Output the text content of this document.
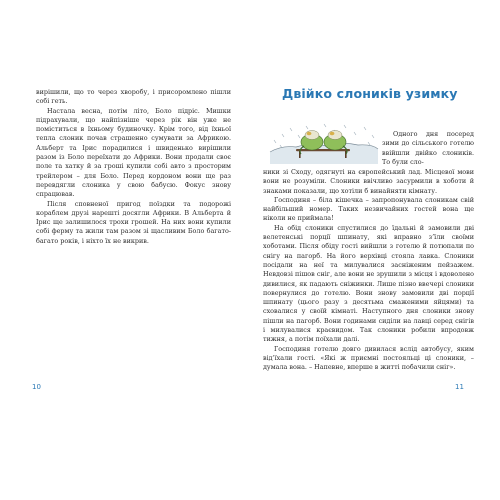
вирішили, що то через хворобу, і присоромлено пішли собі геть.

Настала весна, потім літо, Боло підріс. Мишки підрахували, що найпізніше через рік він уже не поміститься в їхньому будиночку. Крім того, від їхньої тепла слоник почав страшенно сумувати за Африкою. Альберт та Ірис порадилися і швиденько вирішили разом із Боло переїхати до Африки. Вони продали своє поле та хатку й за гроші купили собі авто з просторим трейлером – для Боло. Перед кордоном вони ще раз перевдягли слоника у свою бабусю. Фокус знову спрацював.

Після сповненої пригод поїздки та подорожі кораблем друзі нарешті досягли Африки. В Альберта й Ірис ще залишилося трохи грошей. На них вони купили собі ферму та жили там разом зі щасливим Боло багато-багато років, і ніхто їх не викрив.

10
Двійко слоників узимку

Одного дня посеред зими до сільського готелю ввійшли двійко слоників. То були сло-

ники зі Сходу, одягнуті на європейський лад. Місцевої мови вони не розуміли. Слоники ввічливо засурмили в хоботи й знаками показали, що хотіли б винайняти кімнату.

Господиня – біла кішечка – запропонувала слоникам свій найбільший номер. Таких незвичайних гостей вона ще ніколи не приймала!

На обід слоники спустилися до їдальні й замовили дві велетенські порції шпинату, які вправно з’їли своїми хоботами. Після обіду гості вийшли з готелю й потюпали по снігу на пагорб. На його верхівці стояла лавка. Слоники посідали на неї та милувалися засніженим пейзажем. Невдовзі пішов сніг, але вони не зрушили з місця і вдоволено дивилися, як падають сніжинки. Лише пізно ввечері слоники повернулися до готелю. Вони знову замовили дві порції шпинату (цього разу з десятьма смаженими яйцями) та сховалися у своїй кімнаті. Наступного дня слоники знову пішли на пагорб. Вони годинами сиділи на лавці серед снігів і милувалися краєвидом. Так слоники робили впродовж тижня, а потім поїхали далі.

Господиня готелю довго дивилася вслід автобусу, яким від’їхали гості. «Які ж приємні постояльці ці слоники, – думала вона. – Напевне, вперше в житті побачили сніг».

11
